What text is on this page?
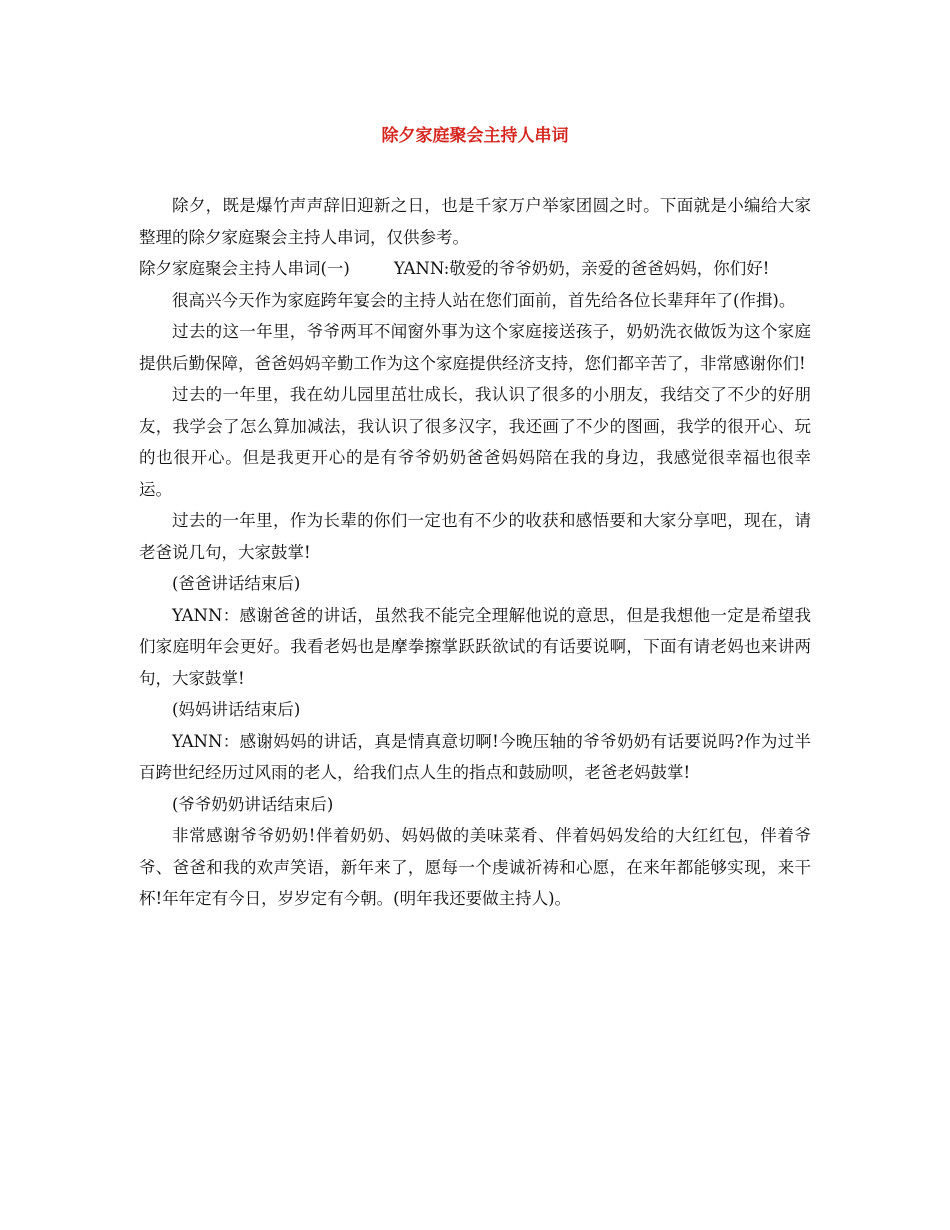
除夕家庭聚会主持人串词

除夕，既是爆竹声声辞旧迎新之日，也是千家万户举家团圆之时。下面就是小编给大家整理的除夕家庭聚会主持人串词，仅供参考。

除夕家庭聚会主持人串词(一)	YANN:敬爱的爷爷奶奶，亲爱的爸爸妈妈，你们好!

很高兴今天作为家庭跨年宴会的主持人站在您们面前，首先给各位长辈拜年了(作揖)。

过去的这一年里，爷爷两耳不闻窗外事为这个家庭接送孩子，奶奶洗衣做饭为这个家庭提供后勤保障，爸爸妈妈辛勤工作为这个家庭提供经济支持，您们都辛苦了，非常感谢你们!

过去的一年里，我在幼儿园里茁壮成长，我认识了很多的小朋友，我结交了不少的好朋友，我学会了怎么算加减法，我认识了很多汉字，我还画了不少的图画，我学的很开心、玩的也很开心。但是我更开心的是有爷爷奶奶爸爸妈妈陪在我的身边，我感觉很幸福也很幸运。

过去的一年里，作为长辈的你们一定也有不少的收获和感悟要和大家分享吧，现在，请老爸说几句，大家鼓掌!

(爸爸讲话结束后)

YANN：感谢爸爸的讲话，虽然我不能完全理解他说的意思，但是我想他一定是希望我们家庭明年会更好。我看老妈也是摩拳擦掌跃跃欲试的有话要说啊，下面有请老妈也来讲两句，大家鼓掌!

(妈妈讲话结束后)

YANN：感谢妈妈的讲话，真是情真意切啊!今晚压轴的爷爷奶奶有话要说吗?作为过半百跨世纪经历过风雨的老人，给我们点人生的指点和鼓励呗，老爸老妈鼓掌!

(爷爷奶奶讲话结束后)

非常感谢爷爷奶奶!伴着奶奶、妈妈做的美味菜肴、伴着妈妈发给的大红红包，伴着爷爷、爸爸和我的欢声笑语，新年来了，愿每一个虔诚祈祷和心愿，在来年都能够实现，来干杯!年年定有今日，岁岁定有今朝。(明年我还要做主持人)。
